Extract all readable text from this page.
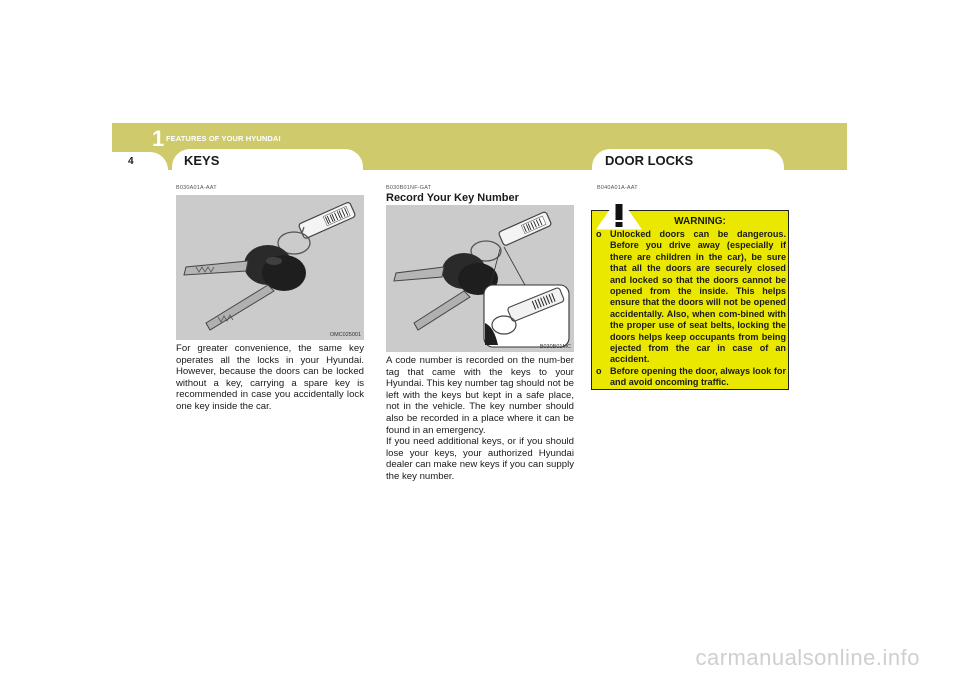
1 FEATURES OF YOUR HYUNDAI
4	KEYS	DOOR LOCKS
B030A01A-AAT
OMC025001

For greater convenience, the same key operates all the locks in your Hyundai. However, because the doors can be locked without a key, carrying a spare key is recommended in case you accidentally lock one key inside the car.

B030B01NF-GAT
Record Your Key Number
B030B01MC

A code number is recorded on the num-ber tag that came with the keys to your Hyundai. This key number tag should not be left with the keys but kept in a safe place, not in the vehicle. The key number should also be recorded in a place where it can be found in an emergency.
If you need additional keys, or if you should lose your keys, your authorized Hyundai dealer can make new keys if you can supply the key number.

B040A01A-AAT
WARNING:
o Unlocked doors can be dangerous. Before you drive away (especially if there are children in the car), be sure that all the doors are securely closed and locked so that the doors cannot be opened from the inside. This helps ensure that the doors will not be opened accidentally. Also, when com-bined with the proper use of seat belts, locking the doors helps keep occupants from being ejected from the car in case of an accident.
o Before opening the door, always look for and avoid oncoming traffic.
carmanualsonline.info
